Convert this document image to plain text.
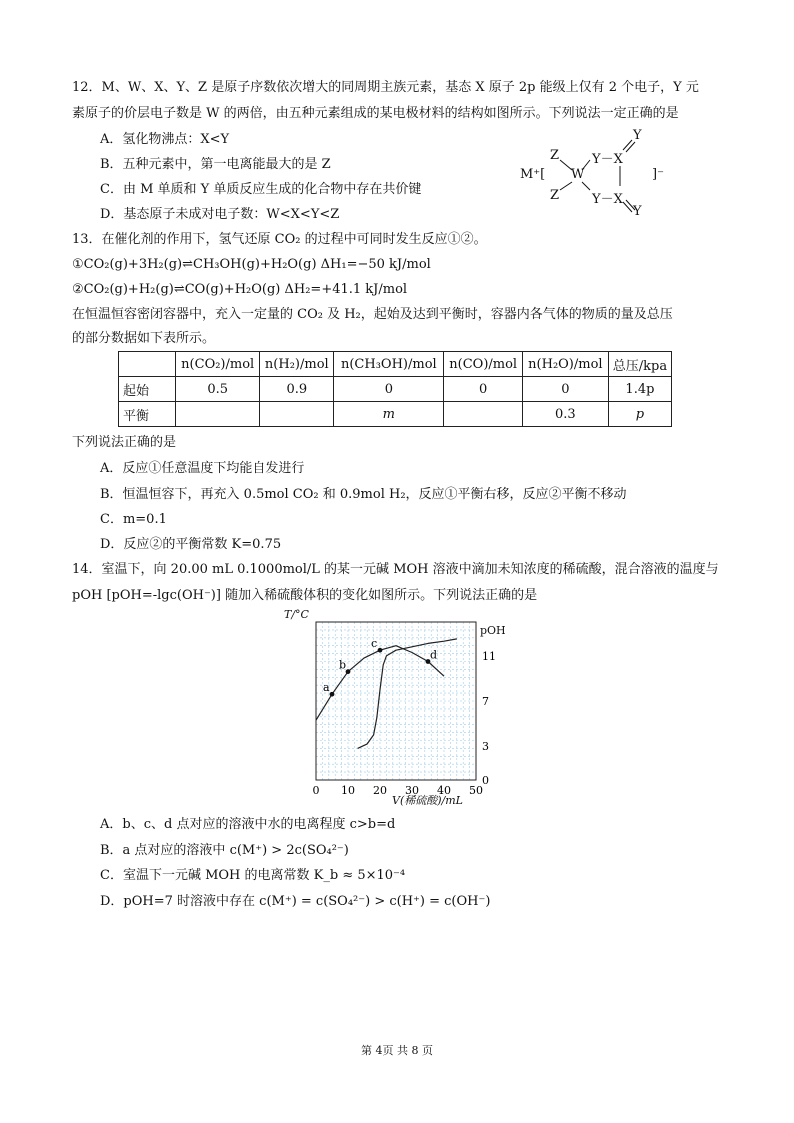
12．M、W、X、Y、Z 是原子序数依次增大的同周期主族元素，基态 X 原子 2p 能级上仅有 2 个电子，Y 元
素原子的价层电子数是 W 的两倍，由五种元素组成的某电极材料的结构如图所示。下列说法一定正确的是
A．氢化物沸点：X<Y
B．五种元素中，第一电离能最大的是 Z
C．由 M 单质和 Y 单质反应生成的化合物中存在共价键
D．基态原子未成对电子数：W<X<Y<Z
M⁺[
Z
Z
W
Y－X
Y－X
Y
Y
]⁻
13．在催化剂的作用下，氢气还原 CO₂ 的过程中可同时发生反应①②。
①CO₂(g)+3H₂(g)⇌CH₃OH(g)+H₂O(g) ΔH₁=−50 kJ/mol
②CO₂(g)+H₂(g)⇌CO(g)+H₂O(g) ΔH₂=+41.1 kJ/mol
在恒温恒容密闭容器中，充入一定量的 CO₂ 及 H₂，起始及达到平衡时，容器内各气体的物质的量及总压
的部分数据如下表所示。
	n(CO₂)/mol	n(H₂)/mol	n(CH₃OH)/mol	n(CO)/mol	n(H₂O)/mol	总压/kpa
起始	0.5	0.9	0	0	0	1.4p
平衡			m		0.3	p
下列说法正确的是
A．反应①任意温度下均能自发进行
B．恒温恒容下，再充入 0.5mol CO₂ 和 0.9mol H₂，反应①平衡右移，反应②平衡不移动
C．m=0.1
D．反应②的平衡常数 K=0.75
14．室温下，向 20.00 mL 0.1000mol/L 的某一元碱 MOH 溶液中滴加未知浓度的稀硫酸，混合溶液的温度与
pOH [pOH=-lgc(OH⁻)] 随加入稀硫酸体积的变化如图所示。下列说法正确的是
a
b
c
d
0 10 20 30 40 50
0
3
7
11
T/°C
pOH
V(稀硫酸)/mL
A．b、c、d 点对应的溶液中水的电离程度 c>b=d
B．a 点对应的溶液中 c(M⁺) > 2c(SO₄²⁻)
C．室温下一元碱 MOH 的电离常数 K_b ≈ 5×10⁻⁴
D．pOH=7 时溶液中存在 c(M⁺) = c(SO₄²⁻) > c(H⁺) = c(OH⁻)
第 4页 共 8 页
